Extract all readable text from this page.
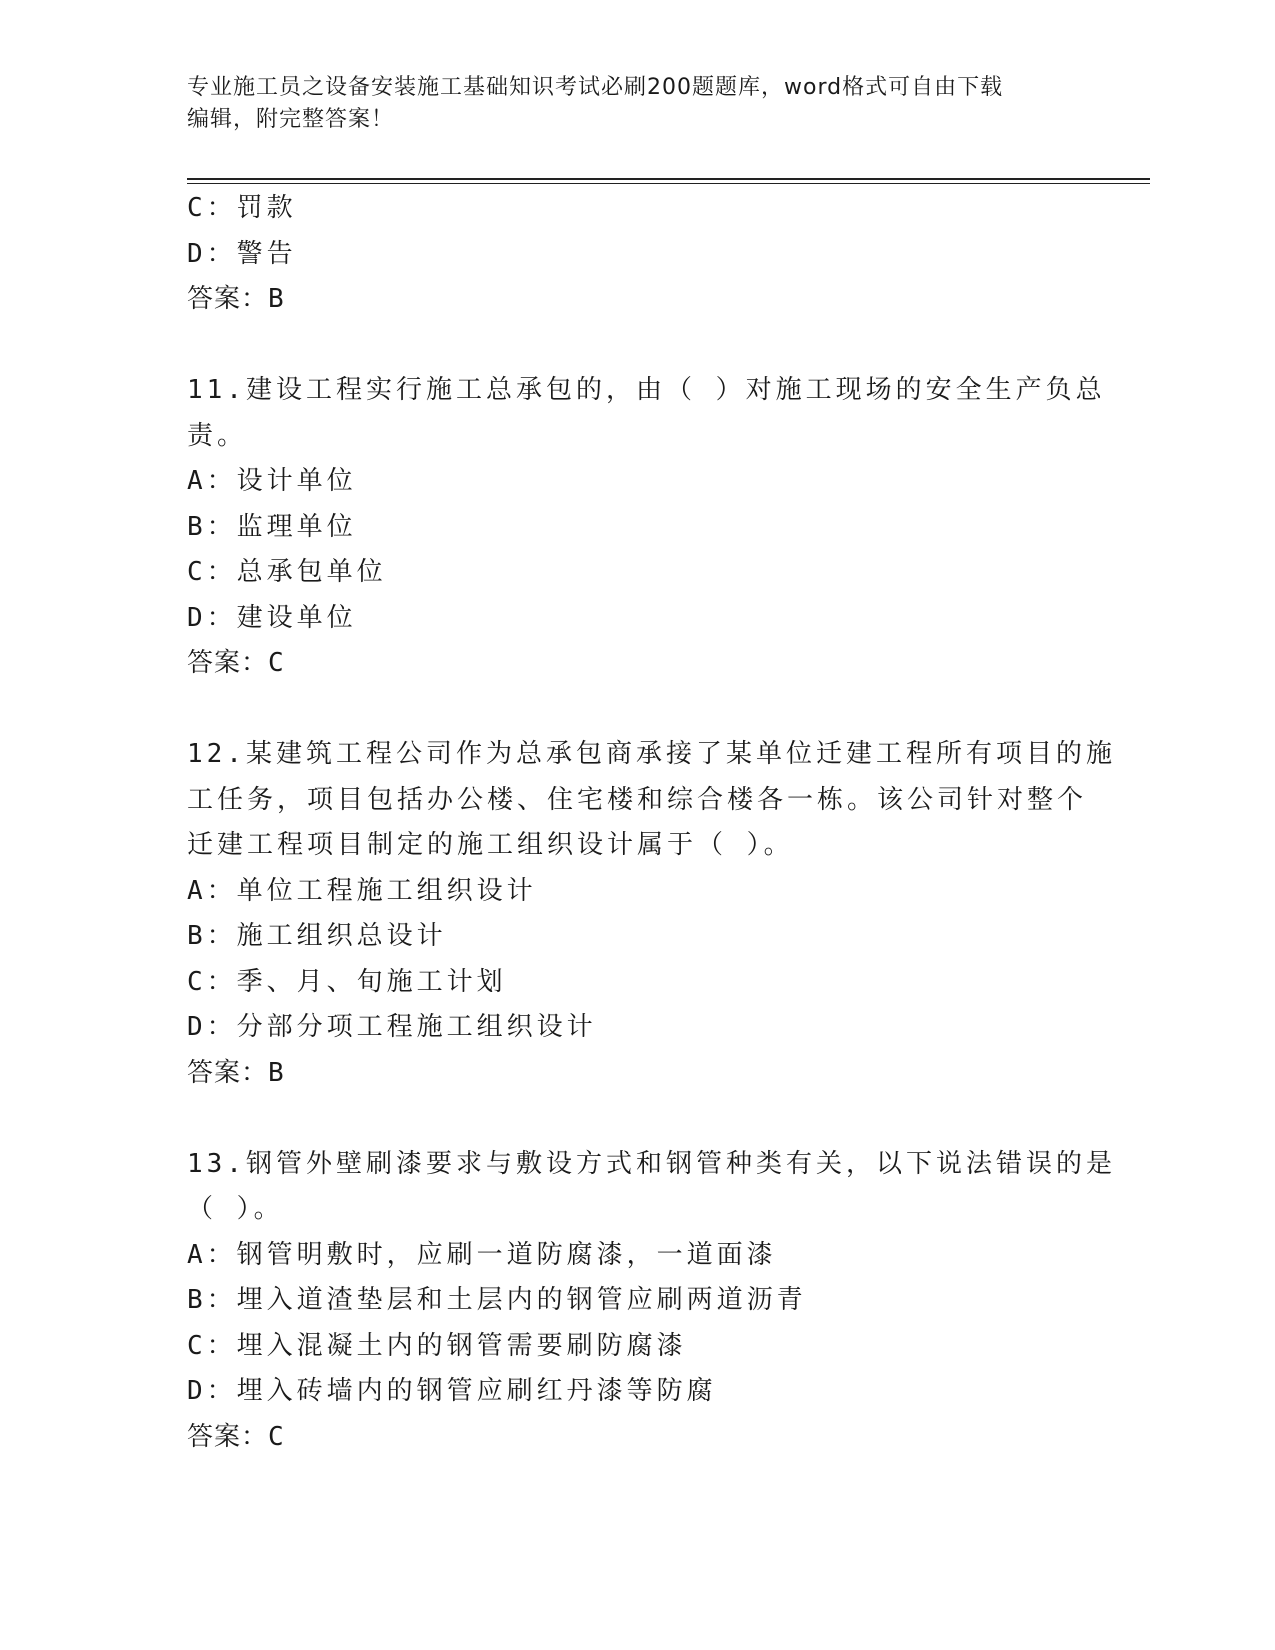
专业施工员之设备安装施工基础知识考试必刷200题题库，word格式可自由下载
编辑，附完整答案！
C：罚款
D：警告
答案：B
11.建设工程实行施工总承包的，由（ ）对施工现场的安全生产负总
责。
A：设计单位
B：监理单位
C：总承包单位
D：建设单位
答案：C
12.某建筑工程公司作为总承包商承接了某单位迁建工程所有项目的施
工任务，项目包括办公楼、住宅楼和综合楼各一栋。该公司针对整个
迁建工程项目制定的施工组织设计属于（ ）。
A：单位工程施工组织设计
B：施工组织总设计
C：季、月、旬施工计划
D：分部分项工程施工组织设计
答案：B
13.钢管外壁刷漆要求与敷设方式和钢管种类有关，以下说法错误的是
（ ）。
A：钢管明敷时，应刷一道防腐漆，一道面漆
B：埋入道渣垫层和土层内的钢管应刷两道沥青
C：埋入混凝土内的钢管需要刷防腐漆
D：埋入砖墙内的钢管应刷红丹漆等防腐
答案：C
